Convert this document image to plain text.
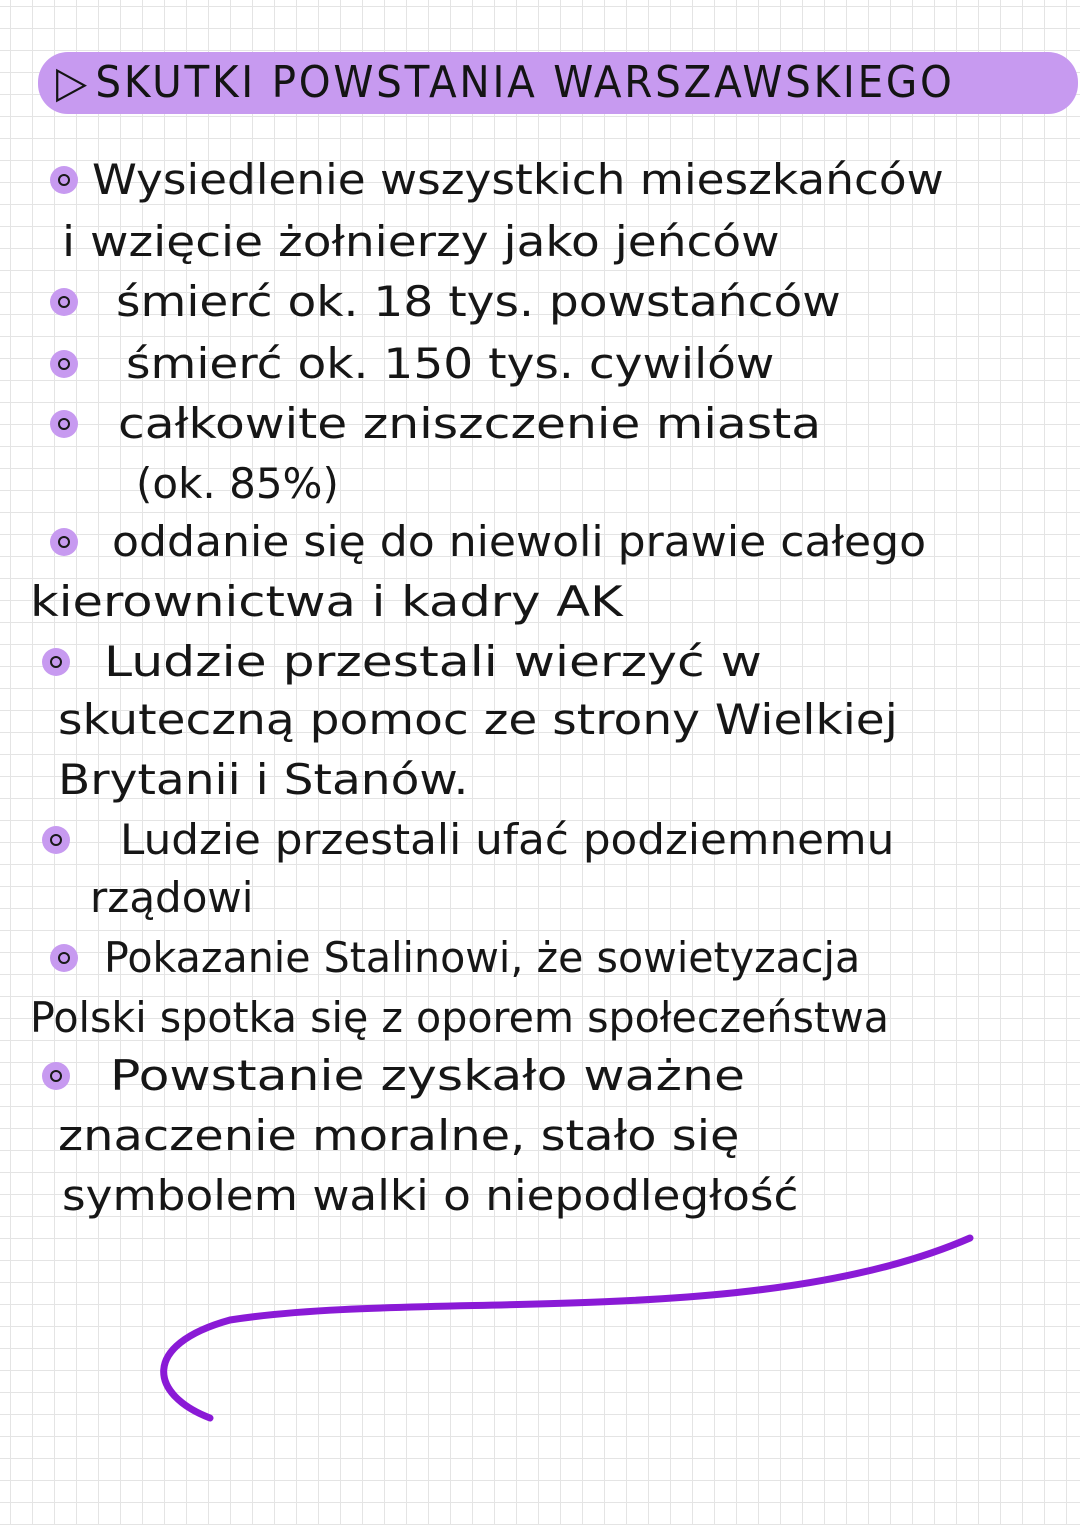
▷ SKUTKI POWSTANIA WARSZAWSKIEGO
Wysiedlenie wszystkich mieszkańców
i wzięcie żołnierzy jako jeńców
śmierć ok. 18 tys. powstańców
śmierć ok. 150 tys. cywilów
całkowite zniszczenie miasta
(ok. 85%)
oddanie się do niewoli prawie całego
kierownictwa i kadry AK
Ludzie przestali wierzyć w
skuteczną pomoc ze strony Wielkiej
Brytanii i Stanów.
Ludzie przestali ufać podziemnemu
rządowi
Pokazanie Stalinowi, że sowietyzacja
Polski spotka się z oporem społeczeństwa
Powstanie zyskało ważne
znaczenie moralne, stało się
symbolem walki o niepodległość
